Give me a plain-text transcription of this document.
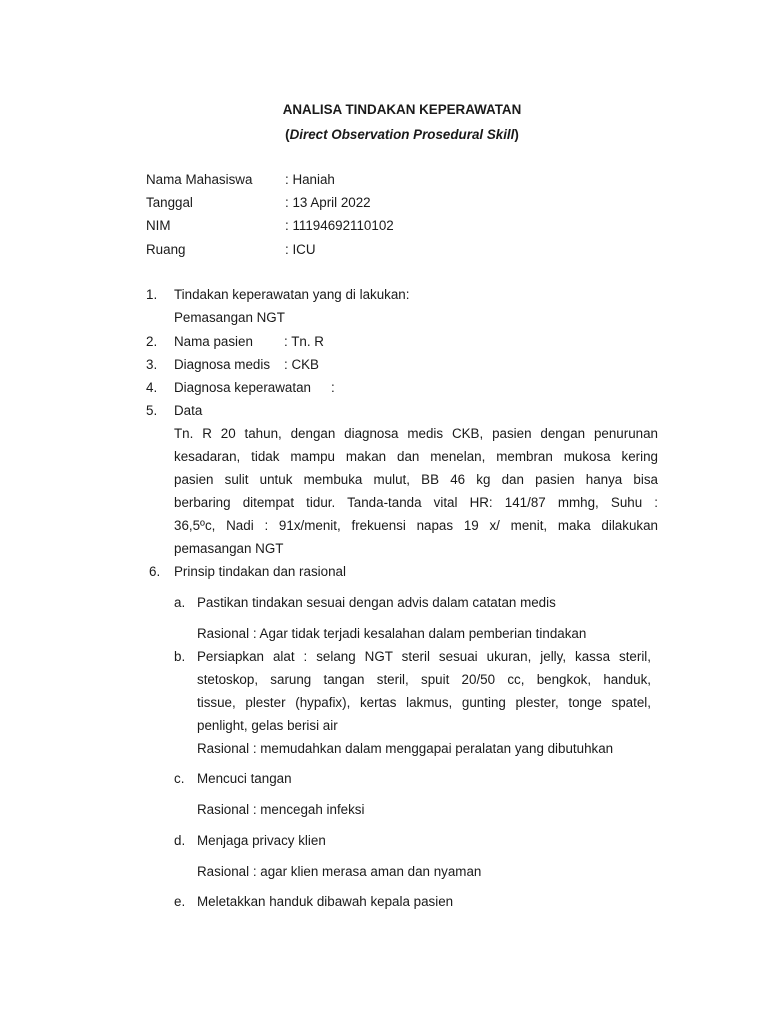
ANALISA TINDAKAN KEPERAWATAN
(Direct Observation Prosedural Skill)
Nama Mahasiswa : Haniah
Tanggal	: 13 April 2022
NIM	: 11194692110102
Ruang	: ICU
1. Tindakan keperawatan yang di lakukan:
Pemasangan NGT
2. Nama pasien : Tn. R
3. Diagnosa medis : CKB
4. Diagnosa keperawatan :
5. Data
Tn. R 20 tahun, dengan diagnosa medis CKB, pasien dengan penurunan
kesadaran, tidak mampu makan dan menelan, membran mukosa kering
pasien sulit untuk membuka mulut, BB 46 kg dan pasien hanya bisa
berbaring ditempat tidur. Tanda-tanda vital HR: 141/87 mmhg, Suhu :
36,5ºc, Nadi : 91x/menit, frekuensi napas 19 x/ menit, maka dilakukan
pemasangan NGT
6. Prinsip tindakan dan rasional
a. Pastikan tindakan sesuai dengan advis dalam catatan medis
Rasional : Agar tidak terjadi kesalahan dalam pemberian tindakan
b. Persiapkan alat : selang NGT steril sesuai ukuran, jelly, kassa steril,
stetoskop, sarung tangan steril, spuit 20/50 cc, bengkok, handuk,
tissue, plester (hypafix), kertas lakmus, gunting plester, tonge spatel,
penlight, gelas berisi air
Rasional : memudahkan dalam menggapai peralatan yang dibutuhkan
c. Mencuci tangan
Rasional : mencegah infeksi
d. Menjaga privacy klien
Rasional : agar klien merasa aman dan nyaman
e. Meletakkan handuk dibawah kepala pasien
